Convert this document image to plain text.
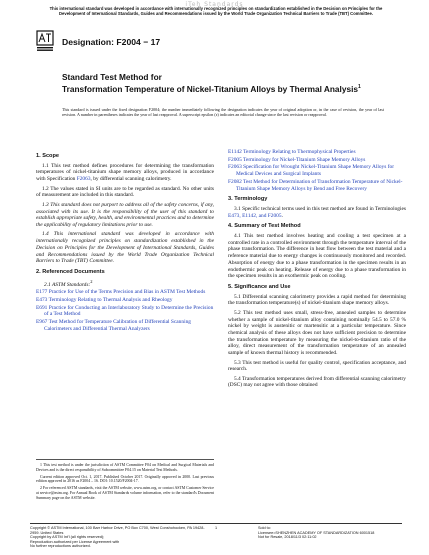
iTeh Standards
This international standard was developed in accordance with internationally recognized principles on standardization established in the Decision on Principles for the Development of International Standards, Guides and Recommendations issued by the World Trade Organization Technical Barriers to Trade (TBT) Committee.
Designation: F2004 − 17
Standard Test Method for
Transformation Temperature of Nickel-Titanium Alloys by Thermal Analysis$^1$
This standard is issued under the fixed designation F2004; the number immediately following the designation indicates the year of original adoption or, in the case of revision, the year of last revision. A number in parentheses indicates the year of last reapproval. A superscript epsilon (ε) indicates an editorial change since the last revision or reapproval.
1. Scope

1.1 This test method defines procedures for determining the transformation temperatures of nickel-titanium shape memory alloys, produced in accordance with Specification F2063, by differential scanning calorimetry.

1.2 The values stated in SI units are to be regarded as standard. No other units of measurement are included in this standard.

1.3 This standard does not purport to address all of the safety concerns, if any, associated with its use. It is the responsibility of the user of this standard to establish appropriate safety, health, and environmental practices and to determine the applicability of regulatory limitations prior to use.

1.4 This international standard was developed in accordance with internationally recognized principles on standardization established in the Decision on Principles for the Development of International Standards, Guides and Recommendations issued by the World Trade Organization Technical Barriers to Trade (TBT) Committee.

2. Referenced Documents
2.1 ASTM Standards:$^2$
E177 Practice for Use of the Terms Precision and Bias in ASTM Test Methods
E473 Terminology Relating to Thermal Analysis and Rheology
E691 Practice for Conducting an Interlaboratory Study to Determine the Precision of a Test Method
E967 Test Method for Temperature Calibration of Differential Scanning Calorimeters and Differential Thermal Analyzers

1 This test method is under the jurisdiction of ASTM Committee F04 on Medical and Surgical Materials and Devices and is the direct responsibility of Subcommittee F04.15 on Material Test Methods.

Current edition approved Oct. 1, 2017. Published October 2017. Originally approved in 2000. Last previous edition approved in 2016 as F2004 – 16. DOI: 10.1520/F2004-17.

2 For referenced ASTM standards, visit the ASTM website, www.astm.org, or contact ASTM Customer Service at service@astm.org. For Annual Book of ASTM Standards volume information, refer to the standard's Document Summary page on the ASTM website.

E1142 Terminology Relating to Thermophysical Properties
F2005 Terminology for Nickel-Titanium Shape Memory Alloys
F2063 Specification for Wrought Nickel-Titanium Shape Memory Alloys for Medical Devices and Surgical Implants
F2082 Test Method for Determination of Transformation Temperature of Nickel-Titanium Shape Memory Alloys by Bend and Free Recovery
3. Terminology

3.1 Specific technical terms used in this test method are found in Terminologies E473, E1142, and F2005.

4. Summary of Test Method

4.1 This test method involves heating and cooling a test specimen at a controlled rate in a controlled environment through the temperature interval of the phase transformation. The difference in heat flow between the test material and a reference material due to energy changes is continuously monitored and recorded. Absorption of energy due to a phase transformation in the specimen results in an endothermic peak on heating. Release of energy due to a phase transformation in the specimen results in an exothermic peak on cooling.

5. Significance and Use

5.1 Differential scanning calorimetry provides a rapid method for determining the transformation temperature(s) of nickel-titanium shape memory alloys.

5.2 This test method uses small, stress-free, annealed samples to determine whether a sample of nickel-titanium alloy containing nominally 54.5 to 57.0 % nickel by weight is austenitic or martensitic at a particular temperature. Since chemical analysis of these alloys does not have sufficient precision to determine the transformation temperature by measuring the nickel-to-titanium ratio of the alloy, direct measurement of the transformation temperature of an annealed sample of known thermal history is recommended.

5.3 This test method is useful for quality control, specification acceptance, and research.

5.4 Transformation temperatures derived from differential scanning calorimetry (DSC) may not agree with those obtained

Copyright © ASTM International, 100 Barr Harbor Drive, PO Box C700, West Conshohocken, PA 19428-2959. United States
Copyright by ASTM Int'l (all rights reserved);
Reproduction authorized per License Agreement with
No further reproductions authorized.
1	Sold to:
Licensee=SHENZHEN ACADEMY OF STANDARDIZATION 6001518
Not for Resale, 2018/11/3 02:11:02
